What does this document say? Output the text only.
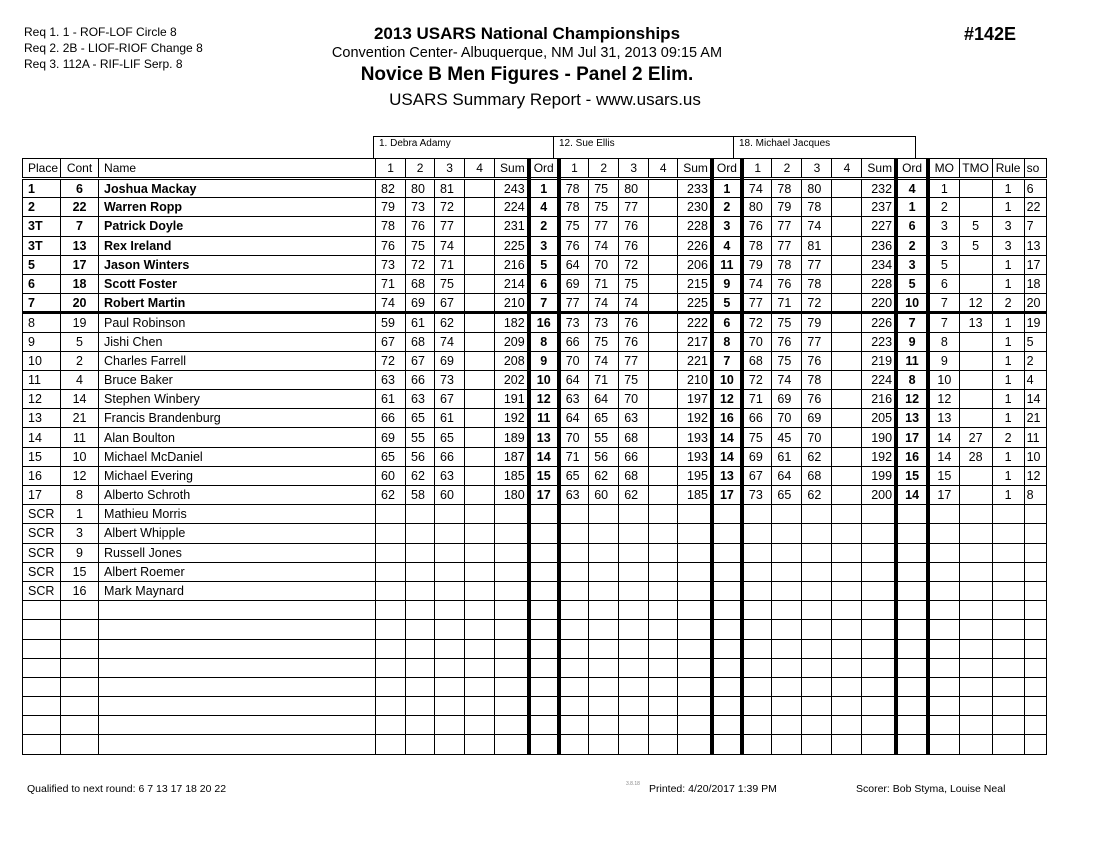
Req 1. 1 - ROF-LOF Circle 8
Req 2. 2B - LIOF-RIOF Change 8
Req 3. 112A - RIF-LIF Serp. 8
2013 USARS National Championships
Convention Center- Albuquerque, NM Jul 31, 2013 09:15 AM
Novice B Men Figures - Panel 2 Elim.
USARS Summary Report - www.usars.us
#142E
1. Debra Adamy	12. Sue Ellis	18. Michael Jacques
Place	Cont	Name	1	2	3	4	Sum	Ord	1	2	3	4	Sum	Ord	1	2	3	4	Sum	Ord	MO	TMO	Rule	so
1	6	Joshua Mackay	82	80	81		243	1	78	75	80		233	1	74	78	80		232	4	1		1	6
2	22	Warren Ropp	79	73	72		224	4	78	75	77		230	2	80	79	78		237	1	2		1	22
3T	7	Patrick Doyle	78	76	77		231	2	75	77	76		228	3	76	77	74		227	6	3	5	3	7
3T	13	Rex Ireland	76	75	74		225	3	76	74	76		226	4	78	77	81		236	2	3	5	3	13
5	17	Jason Winters	73	72	71		216	5	64	70	72		206	11	79	78	77		234	3	5		1	17
6	18	Scott Foster	71	68	75		214	6	69	71	75		215	9	74	76	78		228	5	6		1	18
7	20	Robert Martin	74	69	67		210	7	77	74	74		225	5	77	71	72		220	10	7	12	2	20
8	19	Paul Robinson	59	61	62		182	16	73	73	76		222	6	72	75	79		226	7	7	13	1	19
9	5	Jishi Chen	67	68	74		209	8	66	75	76		217	8	70	76	77		223	9	8		1	5
10	2	Charles Farrell	72	67	69		208	9	70	74	77		221	7	68	75	76		219	11	9		1	2
11	4	Bruce Baker	63	66	73		202	10	64	71	75		210	10	72	74	78		224	8	10		1	4
12	14	Stephen Winbery	61	63	67		191	12	63	64	70		197	12	71	69	76		216	12	12		1	14
13	21	Francis Brandenburg	66	65	61		192	11	64	65	63		192	16	66	70	69		205	13	13		1	21
14	11	Alan Boulton	69	55	65		189	13	70	55	68		193	14	75	45	70		190	17	14	27	2	11
15	10	Michael McDaniel	65	56	66		187	14	71	56	66		193	14	69	61	62		192	16	14	28	1	10
16	12	Michael Evering	60	62	63		185	15	65	62	68		195	13	67	64	68		199	15	15		1	12
17	8	Alberto Schroth	62	58	60		180	17	63	60	62		185	17	73	65	62		200	14	17		1	8
SCR	1	Mathieu Morris																						
SCR	3	Albert Whipple																						
SCR	9	Russell Jones																						
SCR	15	Albert Roemer																						
SCR	16	Mark Maynard																						

Qualified to next round: 6 7 13 17 18 20 22	3.8.18 Printed: 4/20/2017 1:39 PM	Scorer: Bob Styma, Louise Neal
